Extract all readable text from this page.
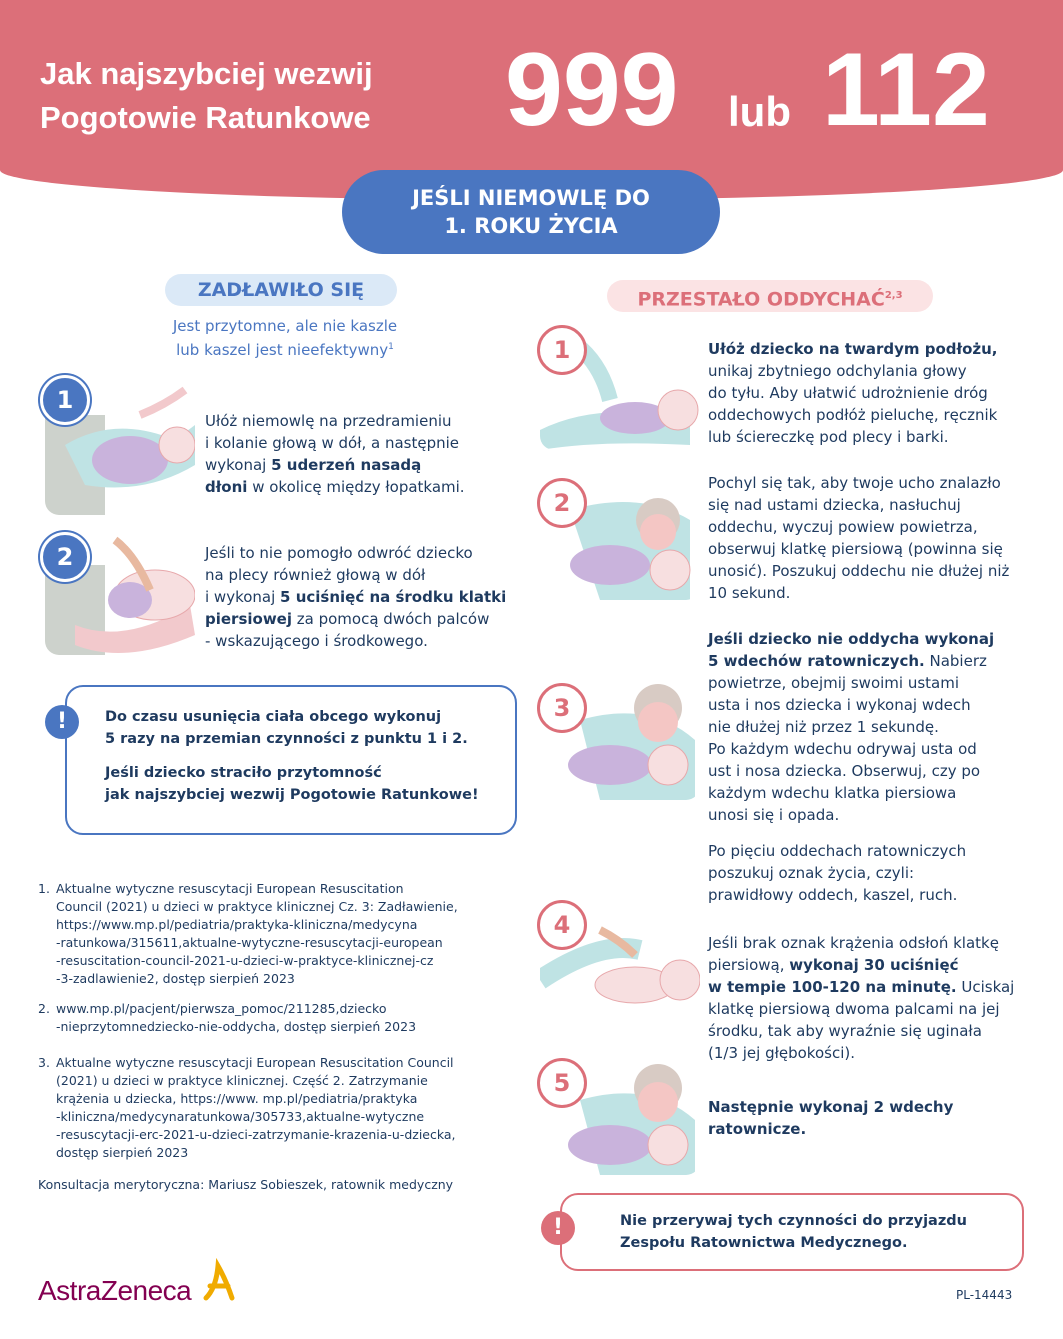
Jak najszybciej wezwij
Pogotowie Ratunkowe 999 lub 112
JEŚLI NIEMOWLĘ DO
1. ROKU ŻYCIA
ZADŁAWIŁO SIĘ
Jest przytomne, ale nie kaszle
lub kaszel jest nieefektywny$^1$
1
Ułóż niemowlę na przedramieniu
i kolanie głową w dół, a następnie
wykonaj 5 uderzeń nasadą
dłoni w okolicę między łopatkami.
2	Jeśli to nie pomogło odwróć dziecko
na plecy również głową w dół
i wykonaj 5 uciśnięć na środku klatki
piersiowej za pomocą dwóch palców
- wskazującego i środkowego.
!	Do czasu usunięcia ciała obcego wykonuj
5 razy na przemian czynności z punktu 1 i 2.
Jeśli dziecko straciło przytomność
jak najszybciej wezwij Pogotowie Ratunkowe!
1. Aktualne wytyczne resuscytacji European Resuscitation
Council (2021) u dzieci w praktyce klinicznej Cz. 3: Zadławienie,
https://www.mp.pl/pediatria/praktyka-kliniczna/medycyna
-ratunkowa/315611,aktualne-wytyczne-resuscytacji-european
-resuscitation-council-2021-u-dzieci-w-praktyce-klinicznej-cz
-3-zadlawienie2, dostęp sierpień 2023
2. www.mp.pl/pacjent/pierwsza_pomoc/211285,dziecko
-nieprzytomnedziecko-nie-oddycha, dostęp sierpień 2023
3. Aktualne wytyczne resuscytacji European Resuscitation Council
(2021) u dzieci w praktyce klinicznej. Część 2. Zatrzymanie
krążenia u dziecka, https://www. mp.pl/pediatria/praktyka
-kliniczna/medycynaratunkowa/305733,aktualne-wytyczne
-resuscytacji-erc-2021-u-dzieci-zatrzymanie-krazenia-u-dziecka,
dostęp sierpień 2023
Konsultacja merytoryczna: Mariusz Sobieszek, ratownik medyczny
AstraZeneca
PRZESTAŁO ODDYCHAĆ$^{2,3}$
1	Ułóż dziecko na twardym podłożu,
unikaj zbytniego odchylania głowy
do tyłu. Aby ułatwić udrożnienie dróg
oddechowych podłóż pieluchę, ręcznik
lub ściereczkę pod plecy i barki.
2
Pochyl się tak, aby twoje ucho znalazło
się nad ustami dziecka, nasłuchuj
oddechu, wyczuj powiew powietrza,
obserwuj klatkę piersiową (powinna się
unosić). Poszukuj oddechu nie dłużej niż
10 sekund.
3
Jeśli dziecko nie oddycha wykonaj
5 wdechów ratowniczych. Nabierz
powietrze, obejmij swoimi ustami
usta i nos dziecka i wykonaj wdech
nie dłużej niż przez 1 sekundę.
Po każdym wdechu odrywaj usta od
ust i nosa dziecka. Obserwuj, czy po
każdym wdechu klatka piersiowa
unosi się i opada.
Po pięciu oddechach ratowniczych
poszukuj oznak życia, czyli:
prawidłowy oddech, kaszel, ruch.
4
Jeśli brak oznak krążenia odsłoń klatkę
piersiową, wykonaj 30 uciśnięć
w tempie 100-120 na minutę. Uciskaj
klatkę piersiową dwoma palcami na jej
środku, tak aby wyraźnie się uginała
(1/3 jej głębokości).
5
Następnie wykonaj 2 wdechy
ratownicze.
!	Nie przerywaj tych czynności do przyjazdu
Zespołu Ratownictwa Medycznego.
PL-14443
